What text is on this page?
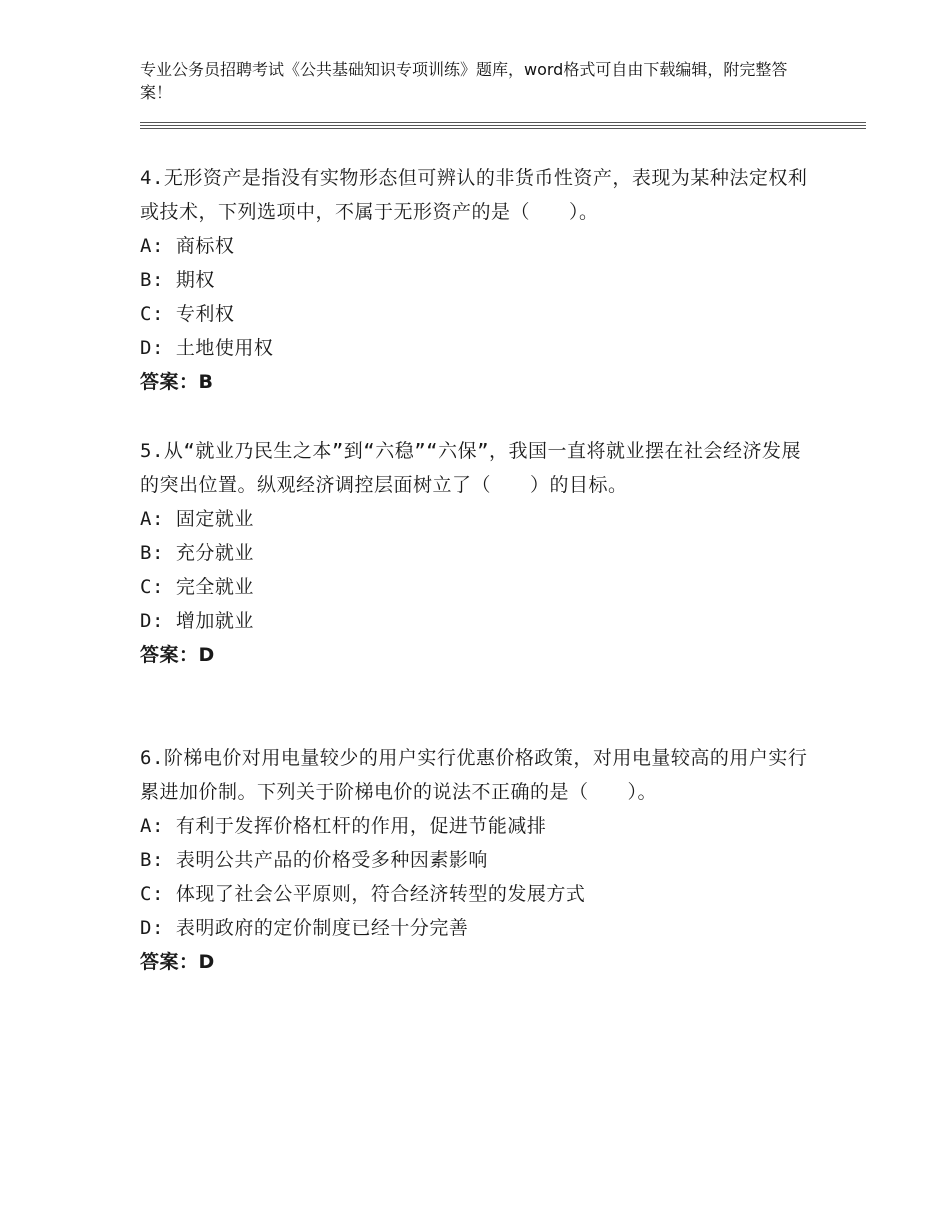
专业公务员招聘考试《公共基础知识专项训练》题库，word格式可自由下载编辑，附完整答案！
4.无形资产是指没有实物形态但可辨认的非货币性资产，表现为某种法定权利或技术，下列选项中，不属于无形资产的是（　　）。
A: 商标权
B: 期权
C: 专利权
D: 土地使用权
答案：B
5.从“就业乃民生之本”到“六稳”“六保”，我国一直将就业摆在社会经济发展的突出位置。纵观经济调控层面树立了（　　）的目标。
A: 固定就业
B: 充分就业
C: 完全就业
D: 增加就业
答案：D
6.阶梯电价对用电量较少的用户实行优惠价格政策，对用电量较高的用户实行累进加价制。下列关于阶梯电价的说法不正确的是（　　）。
A: 有利于发挥价格杠杆的作用，促进节能减排
B: 表明公共产品的价格受多种因素影响
C: 体现了社会公平原则，符合经济转型的发展方式
D: 表明政府的定价制度已经十分完善
答案：D
